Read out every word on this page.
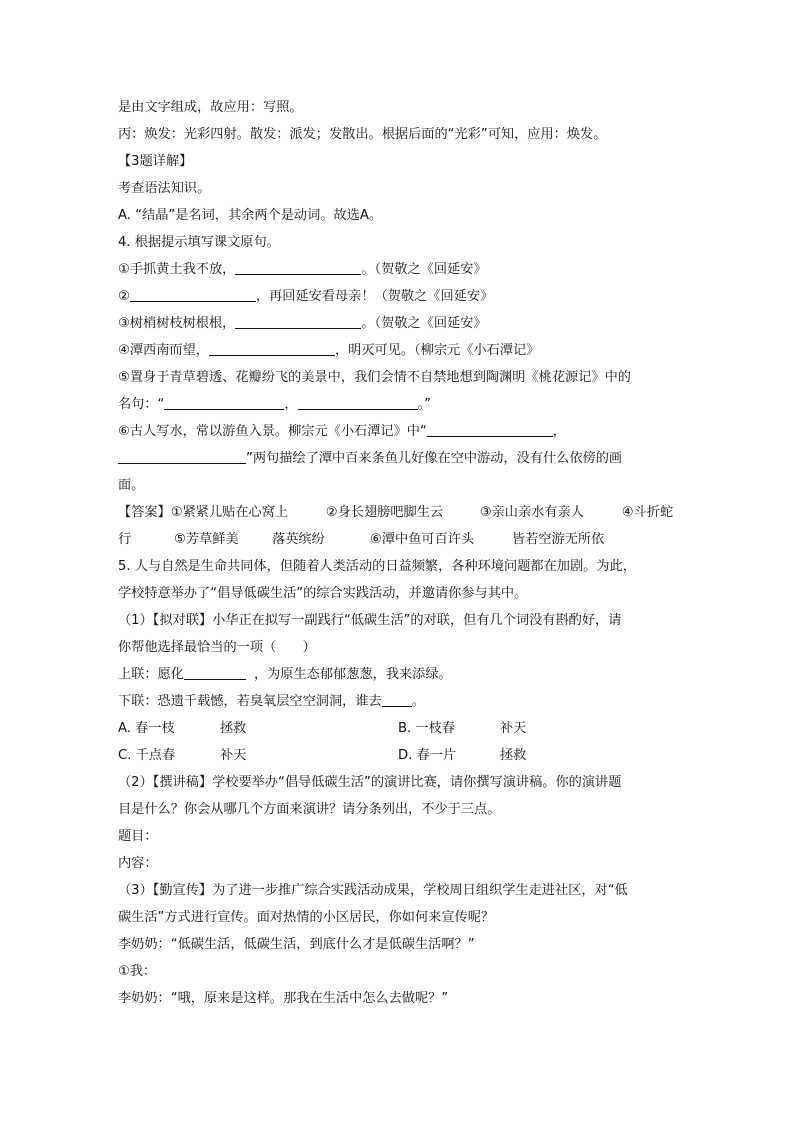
是由文字组成，故应用：写照。
丙：焕发：光彩四射。散发：派发；发散出。根据后面的“光彩”可知，应用：焕发。
【3题详解】
考查语法知识。
A. “结晶”是名词，其余两个是动词。故选A。
4. 根据提示填写课文原句。
①手抓黄土我不放，	。（贺敬之《回延安》
②	，再回延安看母亲！（贺敬之《回延安》
③树梢树枝树根根，	。（贺敬之《回延安》
④潭西南而望，	，明灭可见。（柳宗元《小石潭记》
⑤置身于青草碧透、花瓣纷飞的美景中，我们会情不自禁地想到陶渊明《桃花源记》中的
名句：“	，	。”
⑥古人写水，常以游鱼入景。柳宗元《小石潭记》中“	，
”两句描绘了潭中百来条鱼儿好像在空中游动，没有什么依傍的画
面。
【答案】 ①紧紧儿贴在心窝上	②身长翅膀吧脚生云	③亲山亲水有亲人	④斗折蛇
行	⑤芳草鲜美	落英缤纷	⑥潭中鱼可百许头	皆若空游无所依
5. 人与自然是生命共同体，但随着人类活动的日益频繁，各种环境问题都在加剧。为此，
学校特意举办了“倡导低碳生活”的综合实践活动，并邀请你参与其中。
（1）【拟对联】小华正在拟写一副践行“低碳生活”的对联，但有几个词没有斟酌好，请
你帮他选择最恰当的一项（　　）
上联：愿化	，为原生态郁郁葱葱，我来添绿。
下联：恐遗千载憾，若臭氧层空空洞洞，谁去 。
A. 春一枝	拯救	B. 一枝春	补天
C. 千点春	补天	D. 春一片	拯救
（2）【撰讲稿】学校要举办“倡导低碳生活”的演讲比赛，请你撰写演讲稿。你的演讲题
目是什么？你会从哪几个方面来演讲？请分条列出，不少于三点。
题目：
内容：
（3）【勤宣传】为了进一步推广综合实践活动成果，学校周日组织学生走进社区，对“低
碳生活”方式进行宣传。面对热情的小区居民，你如何来宣传呢？
李奶奶：“低碳生活，低碳生活，到底什么才是低碳生活啊？”
①我：
李奶奶：“哦，原来是这样。那我在生活中怎么去做呢？”
